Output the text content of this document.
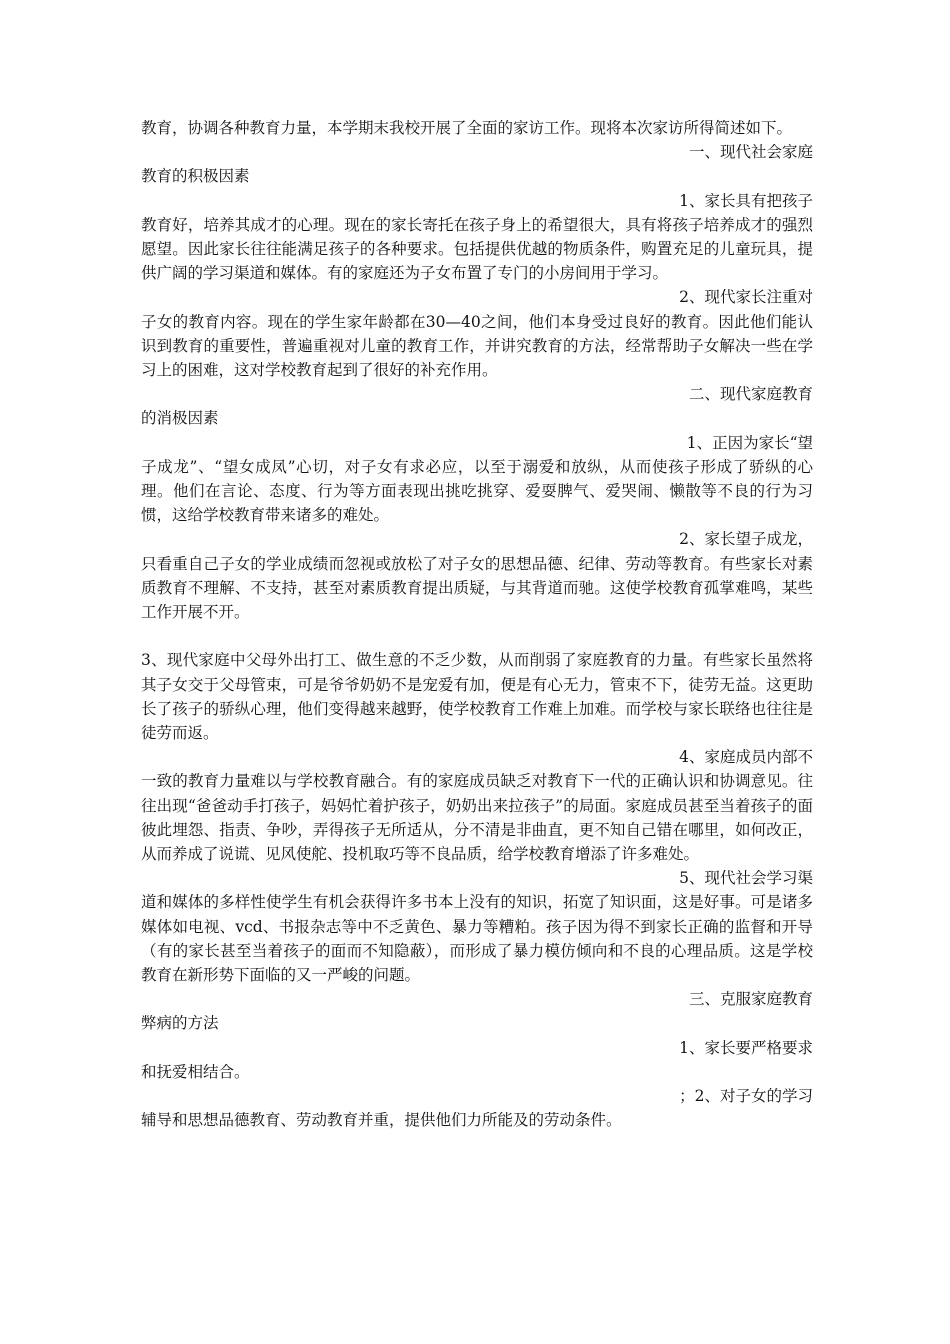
教育，协调各种教育力量，本学期末我校开展了全面的家访工作。现将本次家访所得简述如下。

一、现代社会家庭

教育的积极因素

1、家长具有把孩子

教育好，培养其成才的心理。现在的家长寄托在孩子身上的希望很大，具有将孩子培养成才的强烈愿望。因此家长往往能满足孩子的各种要求。包括提供优越的物质条件，购置充足的儿童玩具，提供广阔的学习渠道和媒体。有的家庭还为子女布置了专门的小房间用于学习。

2、现代家长注重对

子女的教育内容。现在的学生家年龄都在30—40之间，他们本身受过良好的教育。因此他们能认识到教育的重要性，普遍重视对儿童的教育工作，并讲究教育的方法，经常帮助子女解决一些在学习上的困难，这对学校教育起到了很好的补充作用。

二、现代家庭教育

的消极因素

1、正因为家长“望

子成龙”、“望女成凤”心切，对子女有求必应，以至于溺爱和放纵，从而使孩子形成了骄纵的心理。他们在言论、态度、行为等方面表现出挑吃挑穿、爱耍脾气、爱哭闹、懒散等不良的行为习惯，这给学校教育带来诸多的难处。

2、家长望子成龙，

只看重自己子女的学业成绩而忽视或放松了对子女的思想品德、纪律、劳动等教育。有些家长对素质教育不理解、不支持，甚至对素质教育提出质疑，与其背道而驰。这使学校教育孤掌难鸣，某些工作开展不开。

3、现代家庭中父母外出打工、做生意的不乏少数，从而削弱了家庭教育的力量。有些家长虽然将其子女交于父母管束，可是爷爷奶奶不是宠爱有加，便是有心无力，管束不下，徒劳无益。这更助长了孩子的骄纵心理，他们变得越来越野，使学校教育工作难上加难。而学校与家长联络也往往是徒劳而返。

4、家庭成员内部不

一致的教育力量难以与学校教育融合。有的家庭成员缺乏对教育下一代的正确认识和协调意见。往往出现“爸爸动手打孩子，妈妈忙着护孩子，奶奶出来拉孩子”的局面。家庭成员甚至当着孩子的面彼此埋怨、指责、争吵，弄得孩子无所适从，分不清是非曲直，更不知自己错在哪里，如何改正，从而养成了说谎、见风使舵、投机取巧等不良品质，给学校教育增添了许多难处。

5、现代社会学习渠

道和媒体的多样性使学生有机会获得许多书本上没有的知识，拓宽了知识面，这是好事。可是诸多媒体如电视、vcd、书报杂志等中不乏黄色、暴力等糟粕。孩子因为得不到家长正确的监督和开导（有的家长甚至当着孩子的面而不知隐蔽），而形成了暴力模仿倾向和不良的心理品质。这是学校教育在新形势下面临的又一严峻的问题。

三、克服家庭教育

弊病的方法

1、家长要严格要求

和抚爱相结合。

；2、对子女的学习

辅导和思想品德教育、劳动教育并重，提供他们力所能及的劳动条件。
